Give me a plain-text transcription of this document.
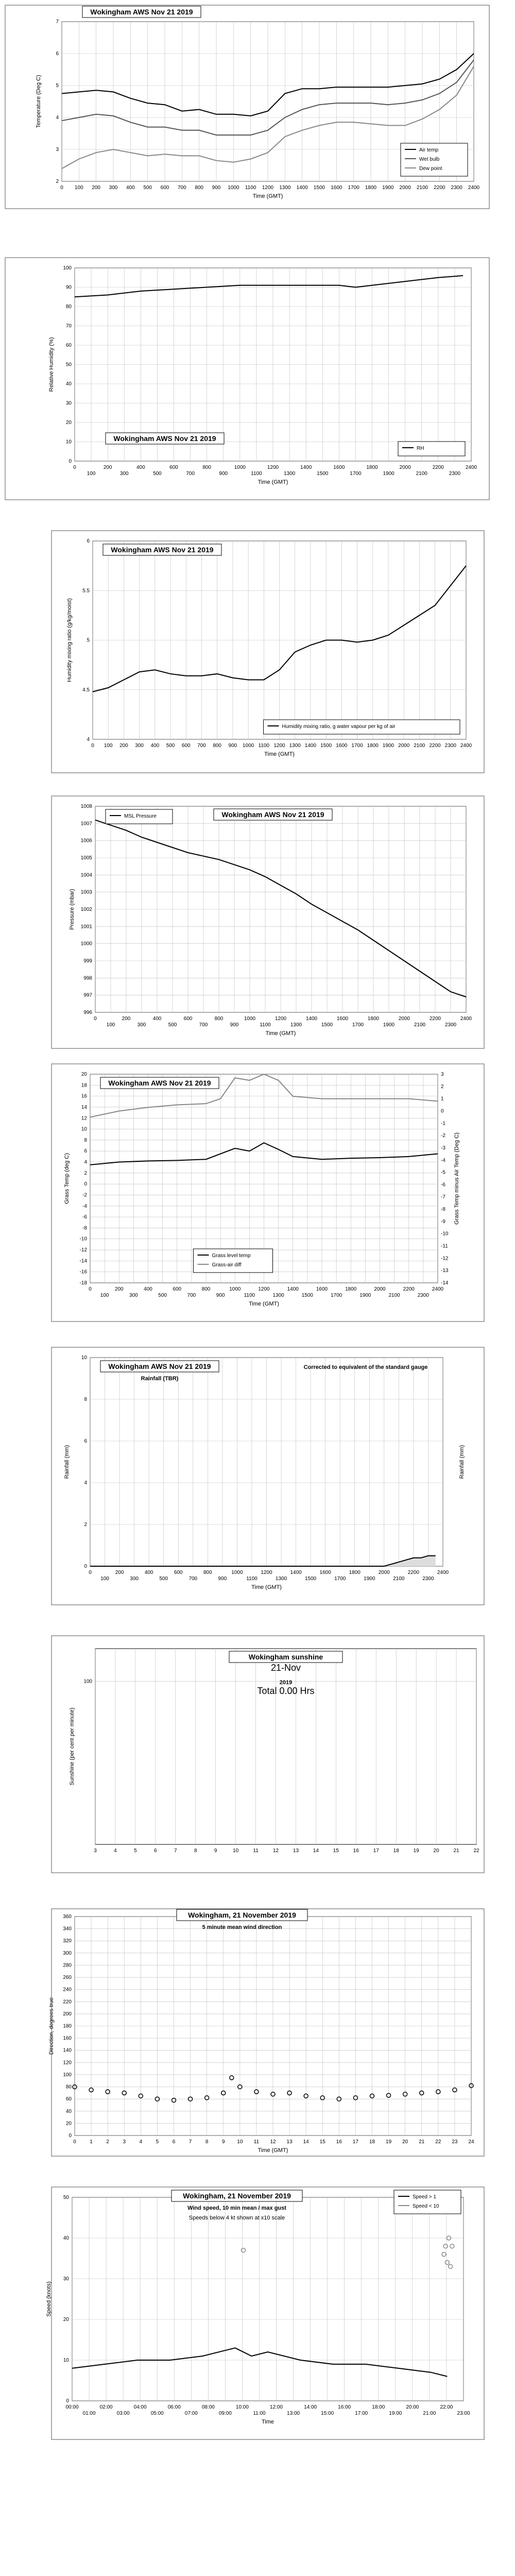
0 100 200 300 400 500 600 700 800 900 1000 1100 1200 1300 1400 1500 1600 1700 1800 1900 2000 2100 2200 2300 2400
2
3
4
5
6
7
Time (GMT)
Temperature (Deg C)
Wokingham AWS Nov 21 2019
Air temp
Wet bulb
Dew point
0
100
200
300
400
500
600
700
800
900
1000
1100
1200
1300
1400
1500
1600
1700
1800
1900
2000
2100
2200
2300
2400
0
10
20
30
40
50
60
70
80
90
100
Time (GMT)
Relative Humidity (%)
Wokingham AWS Nov 21 2019
RH
0 100 200 300 400 500 600 700 800 900 1000 1100 1200 1300 1400 1500 1600 1700 1800 1900 2000 2100 2200 2300 2400
4
4.5
5
5.5
6
Time (GMT)
Humidity mixing ratio (g/kg/moist)
Wokingham AWS Nov 21 2019
Humidity mixing ratio, g water vapour per kg of air
0
100
200
300
400
500
600
700
800
900
1000
1100
1200
1300
1400
1500
1600
1700
1800
1900
2000
2100
2200
2300
2400
996
997
998
999
1000
1001
1002
1003
1004
1005
1006
1007
1008
Time (GMT)
Pressure (mbar)
Wokingham AWS Nov 21 2019
MSL Pressure
0
100
200
300
400
500
600
700
800
900
1000
1100
1200
1300
1400
1500
1600
1700
1800
1900
2000
2100
2200
2300
2400
-18
-16
-14
-12
-10
-8
-6
-4
-2
0
2
4
6
8
10
12
14
16
18
20
-14
-13
-12
-11
-10
-9
-8
-7
-6
-5
-4
-3
-2
-1
0
1
2
3
Time (GMT)
Grass Temp (deg C)	Grass Temp minus Air Temp (Deg C)
Wokingham AWS Nov 21 2019
Grass level temp
Grass-air diff
0
100
200
300
400
500
600
700
800
900
1000
1100
1200
1300
1400
1500
1600
1700
1800
1900
2000
2100
2200
2300
2400
0
2
4
6
8
10
Time (GMT)
Rainfall (mm)	Rainfall (mm)
Wokingham AWS Nov 21 2019
Rainfall (TBR)
Corrected to equivalent of the standard gauge
3	4	5	6	7	8	9	10	11	12	13	14	15	16	17	18	19	20	21	22
100
Sunshine (per cent per minute)
Wokingham sunshine
21-Nov
2019
Total 0.00 Hrs
0	1	2	3	4	5	6	7	8	9 10 11 12 13 14 15 16 17 18 19 20 21 22 23 24
0
20
40
60
80
100
120
140
160
180
200
220
240
260
280
300
320
340
360
Time (GMT)
Direction, degrees true
Wokingham, 21 November 2019
5 minute mean wind direction
00:00
01:00
02:00
03:00
04:00
05:00
06:00
07:00
08:00
09:00
10:00
11:00
12:00
13:00
14:00
15:00
16:00
17:00
18:00
19:00
20:00
21:00
22:00
23:00
0
10
20
30
40
50
Time
Speed (knots)
Wokingham, 21 November 2019
Wind speed, 10 min mean / max gust
Speeds below 4 kt shown at x10 scale
Speed > 1
Speed < 10
